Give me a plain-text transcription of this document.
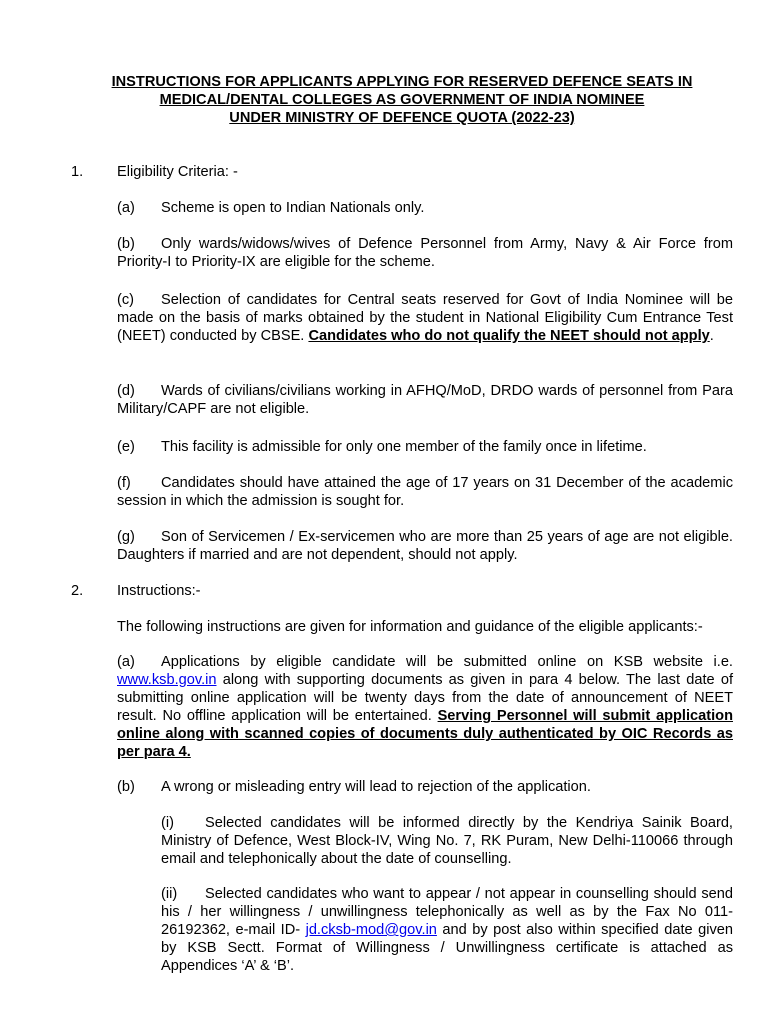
INSTRUCTIONS FOR APPLICANTS APPLYING FOR RESERVED DEFENCE SEATS IN
MEDICAL/DENTAL COLLEGES AS GOVERNMENT OF INDIA NOMINEE
UNDER MINISTRY OF DEFENCE QUOTA (2022-23)
1. Eligibility Criteria: -
(a) Scheme is open to Indian Nationals only.
(b) Only wards/widows/wives of Defence Personnel from Army, Navy & Air Force from Priority-I to Priority-IX are eligible for the scheme.
(c) Selection of candidates for Central seats reserved for Govt of India Nominee will be made on the basis of marks obtained by the student in National Eligibility Cum Entrance Test (NEET) conducted by CBSE. Candidates who do not qualify the NEET should not apply.
(d) Wards of civilians/civilians working in AFHQ/MoD, DRDO wards of personnel from Para Military/CAPF are not eligible.
(e) This facility is admissible for only one member of the family once in lifetime.
(f) Candidates should have attained the age of 17 years on 31 December of the academic session in which the admission is sought for.
(g) Son of Servicemen / Ex-servicemen who are more than 25 years of age are not eligible. Daughters if married and are not dependent, should not apply.
2. Instructions:-
The following instructions are given for information and guidance of the eligible applicants:-
(a) Applications by eligible candidate will be submitted online on KSB website i.e. www.ksb.gov.in along with supporting documents as given in para 4 below. The last date of submitting online application will be twenty days from the date of announcement of NEET result. No offline application will be entertained. Serving Personnel will submit application online along with scanned copies of documents duly authenticated by OIC Records as per para 4.
(b) A wrong or misleading entry will lead to rejection of the application.
(i) Selected candidates will be informed directly by the Kendriya Sainik Board, Ministry of Defence, West Block-IV, Wing No. 7, RK Puram, New Delhi-110066 through email and telephonically about the date of counselling.
(ii) Selected candidates who want to appear / not appear in counselling should send his / her willingness / unwillingness telephonically as well as by the Fax No 011-26192362, e-mail ID- jd.cksb-mod@gov.in and by post also within specified date given by KSB Sectt. Format of Willingness / Unwillingness certificate is attached as Appendices ‘A’ & ‘B’.
